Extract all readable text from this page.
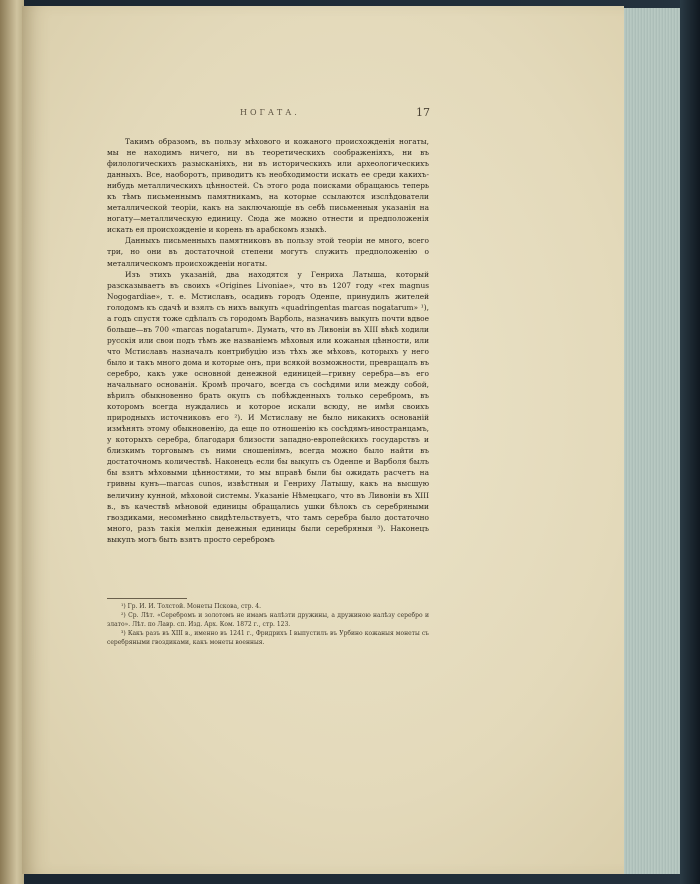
НОГАТА.	17

Такимъ образомъ, въ пользу мѣхового и кожаного происхожденія ногаты, мы не находимъ ничего, ни въ теоретическихъ соображеніяхъ, ни въ филологическихъ разысканіяхъ, ни въ историческихъ или археологическихъ данныхъ. Все, наоборотъ, приводитъ къ необходимости искать ее среди какихъ-нибудь металлическихъ цѣнностей. Съ этого рода поисками обращаюсь теперь къ тѣмъ письменнымъ памятникамъ, на которые ссылаются изслѣдователи металлической теоріи, какъ на заключающіе въ себѣ письменныя указанія на ногату—металлическую единицу. Сюда же можно отнести и предположенія искать ея происхожденіе и корень въ арабскомъ языкѣ.

Данныхъ письменныхъ памятниковъ въ пользу этой теоріи не много, всего три, но они въ достаточной степени могутъ служить предположенію о металлическомъ происхожденіи ногаты.

Изъ этихъ указаній, два находятся у Генриха Латыша, который разсказываетъ въ своихъ «Origines Livoniae», что въ 1207 году «rex magnus Nogogardiae», т. е. Мстиславъ, осадивъ городъ Оденпе, принудилъ жителей голодомъ къ сдачѣ и взялъ съ нихъ выкупъ «quadringentas marcas nogatarum» ¹), а годъ спустя тоже сдѣлалъ съ городомъ Варболь, назначивъ выкупъ почти вдвое больше—въ 700 «marcas nogatarum». Думать, что въ Ливоніи въ XIII вѣкѣ ходили русскія или свои подъ тѣмъ же названіемъ мѣховыя или кожаныя цѣнности, или что Мстиславъ назначалъ контрибуцію изъ тѣхъ же мѣховъ, которыхъ у него было и такъ много дома и которые онъ, при всякой возможности, превращалъ въ серебро, какъ уже основной денежной единицей—гривну серебра—въ его начальнаго основанія. Кромѣ прочаго, всегда съ сосѣдями или между собой, вѣрилъ обыкновенно брать окупъ съ побѣжденныхъ только серебромъ, въ которомъ всегда нуждались и которое искали всюду, не имѣя своихъ природныхъ источниковъ его ²). И Мстиславу не было никакихъ основаній измѣнять этому обыкновенію, да еще по отношенію къ сосѣдямъ-иностранцамъ, у которыхъ серебра, благодаря близости западно-европейскихъ государствъ и близкимъ торговымъ съ ними сношеніямъ, всегда можно было найти въ достаточномъ количествѣ. Наконецъ если бы выкупъ съ Оденпе и Варболя былъ бы взятъ мѣховыми цѣнностями, то мы вправѣ были бы ожидать расчетъ на гривны кунъ—marcas cunos, извѣстныя и Генриху Латышу, какъ на высшую величину кунной, мѣховой системы. Указаніе Нѣмецкаго, что въ Ливоніи въ XIII в., въ качествѣ мѣновой единицы обращались ушки бѣлокъ съ серебряными гвоздиками, несомнѣнно свидѣтельствуетъ, что тамъ серебра было достаточно много, разъ такія мелкія денежныя единицы были серебряныя ³). Наконецъ выкупъ могъ быть взятъ просто серебромъ

¹) Гр. И. И. Толстой. Монеты Пскова, стр. 4.

²) Ср. Лѣт. «Серебромъ и золотомъ не имамъ налѣзти дружины, а дружиною налѣзу серебро и злато». Лѣт. по Лавр. сп. Изд. Арх. Ком. 1872 г., стр. 123.

³) Какъ разъ въ XIII в., именно въ 1241 г., Фридрихъ I выпустилъ въ Урбино кожаныя монеты съ серебряными гвоздиками, какъ монеты военныя.
